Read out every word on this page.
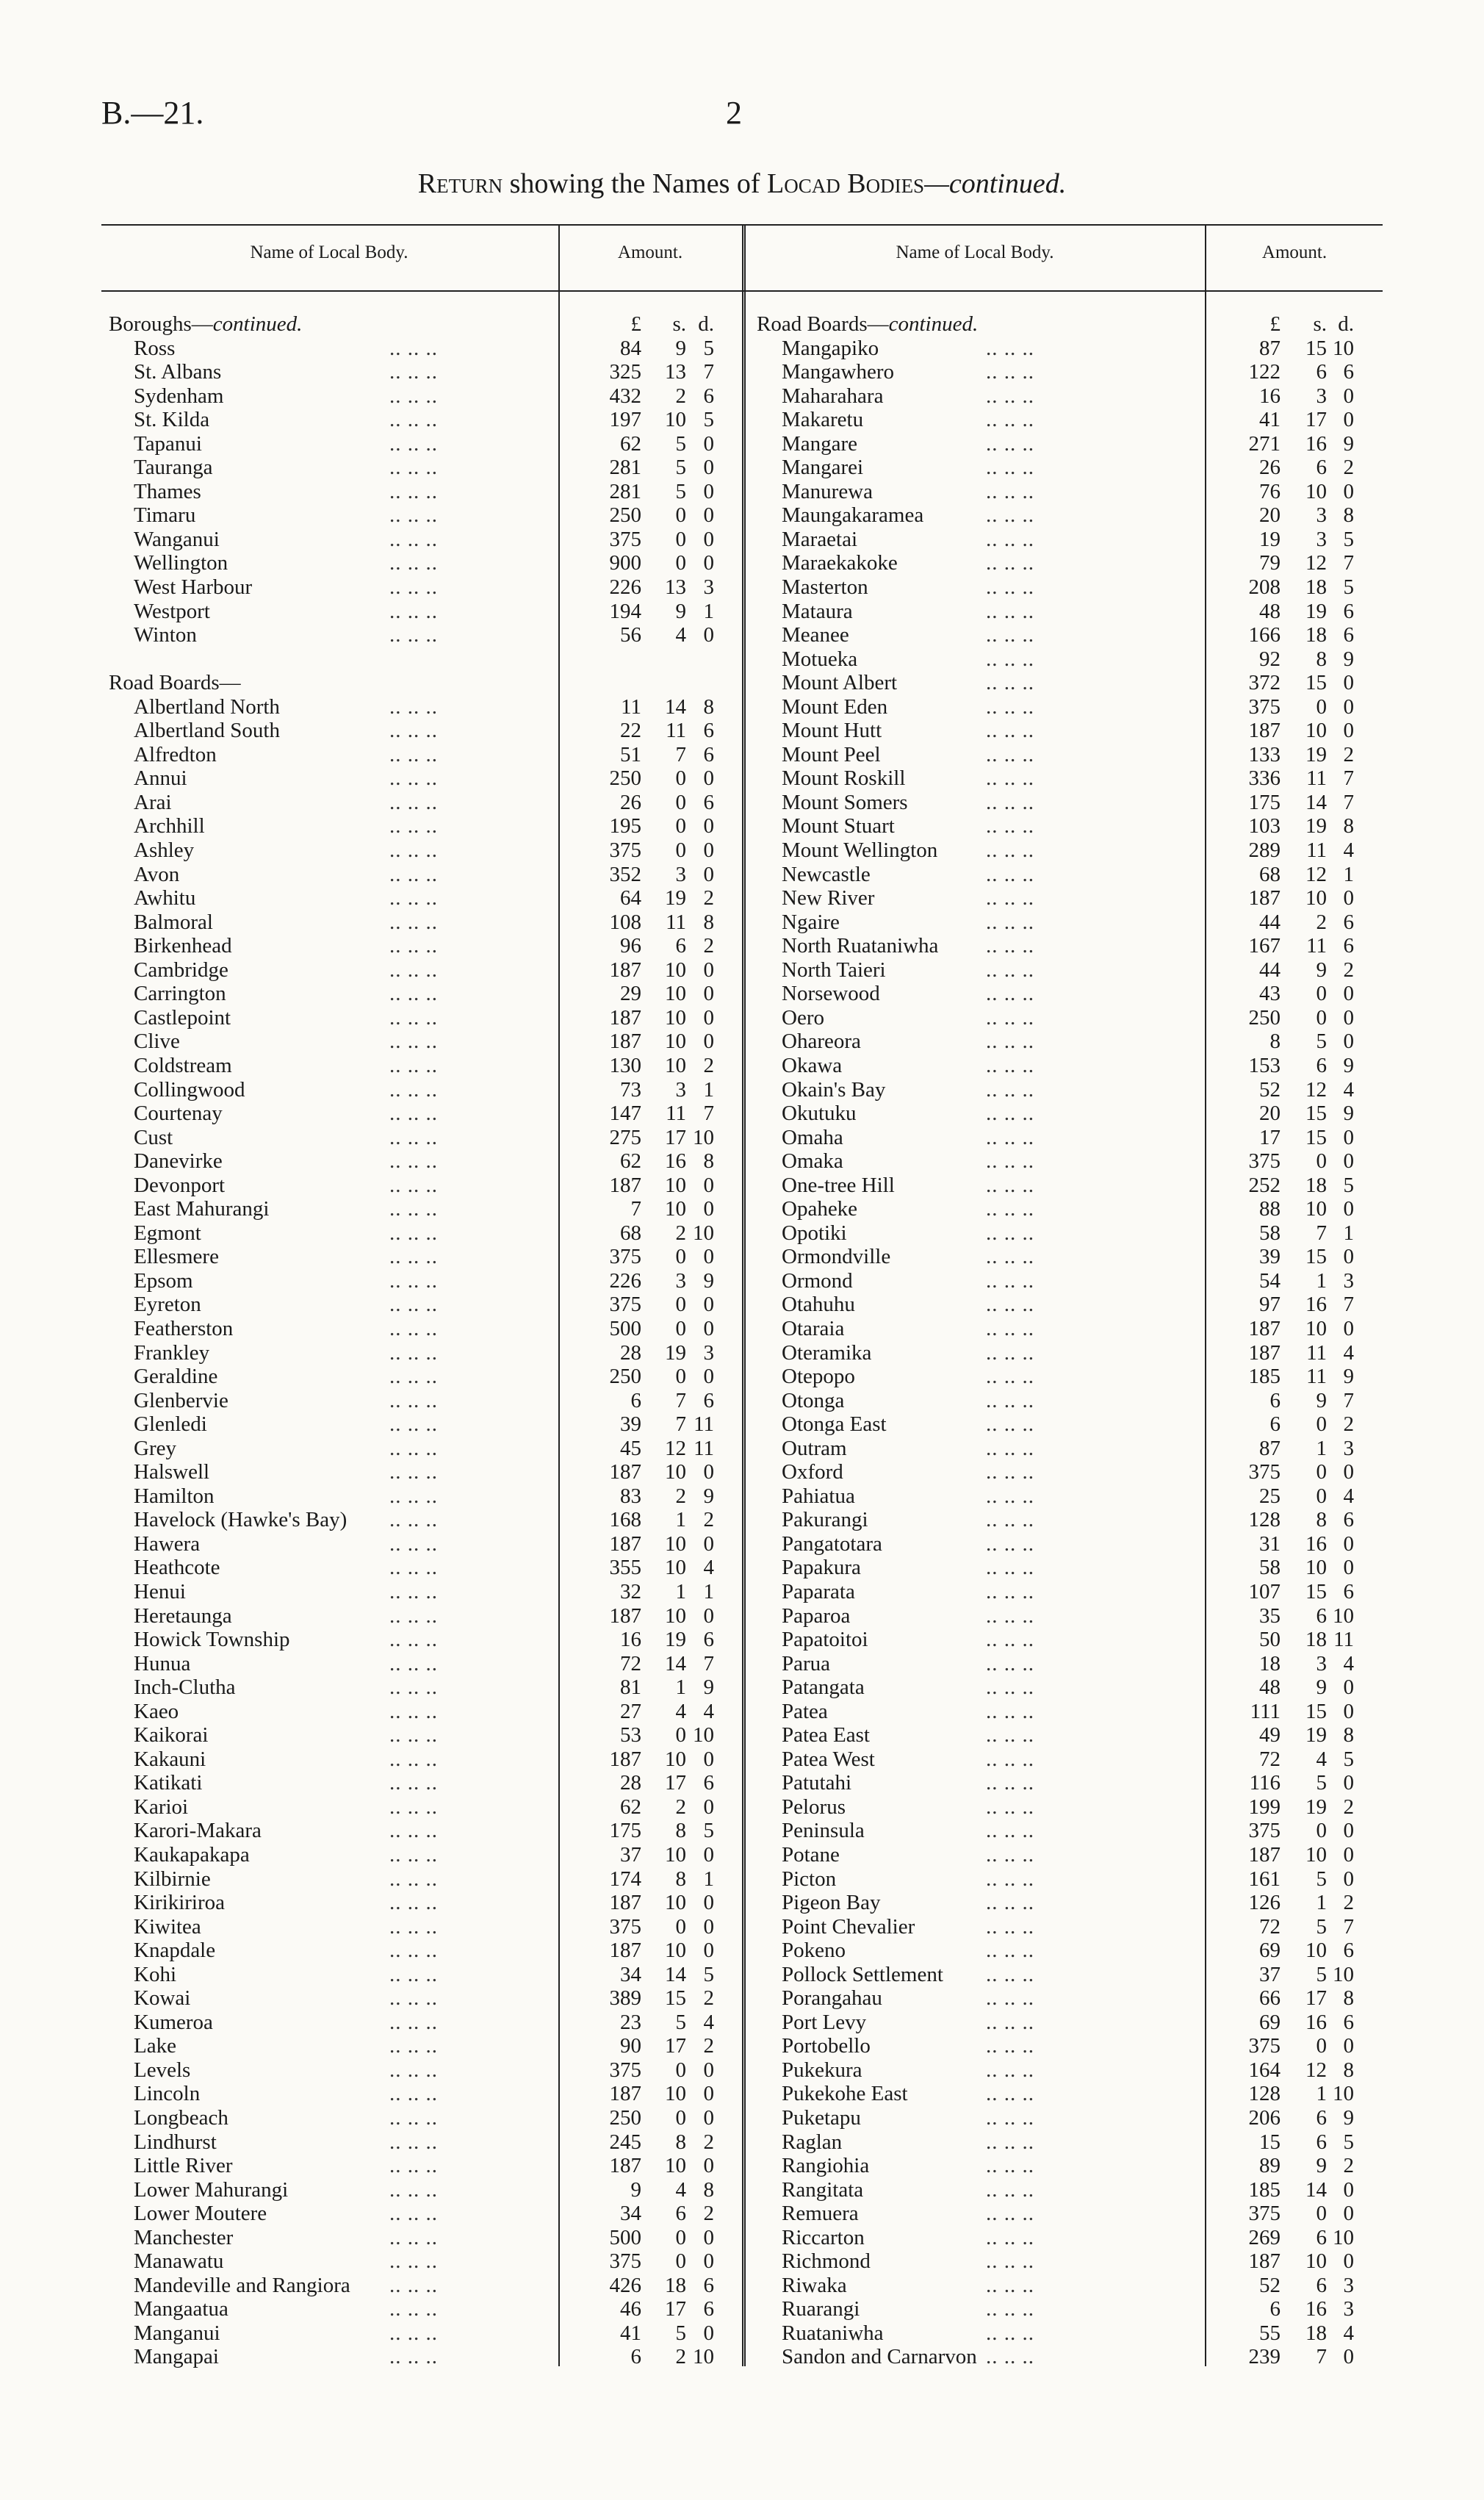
B.—21.	2
Return showing the Names of Locad Bodies—continued.
Name of Local Body.	Amount.	Name of Local Body.	Amount.
Boroughs—continued.	£	s. d.
Ross	.. .. ..	84	9 5
St. Albans	.. .. ..	325	13 7
Sydenham	.. .. ..	432	2 6
St. Kilda	.. .. ..	197	10 5
Tapanui	.. .. ..	62	5 0
Tauranga	.. .. ..	281	5 0
Thames	.. .. ..	281	5 0
Timaru	.. .. ..	250	0 0
Wanganui	.. .. ..	375	0 0
Wellington	.. .. ..	900	0 0
West Harbour	.. .. ..	226	13 3
Westport	.. .. ..	194	9 1
Winton	.. .. ..	56	4 0
Road Boards—
Albertland North	.. .. ..	11	14 8
Albertland South	.. .. ..	22	11 6
Alfredton	.. .. ..	51	7 6
Annui	.. .. ..	250	0 0
Arai	.. .. ..	26	0 6
Archhill	.. .. ..	195	0 0
Ashley	.. .. ..	375	0 0
Avon	.. .. ..	352	3 0
Awhitu	.. .. ..	64	19 2
Balmoral	.. .. ..	108	11 8
Birkenhead	.. .. ..	96	6 2
Cambridge	.. .. ..	187	10 0
Carrington	.. .. ..	29	10 0
Castlepoint	.. .. ..	187	10 0
Clive	.. .. ..	187	10 0
Coldstream	.. .. ..	130	10 2
Collingwood	.. .. ..	73	3 1
Courtenay	.. .. ..	147	11 7
Cust	.. .. ..	275	17 10
Danevirke	.. .. ..	62	16 8
Devonport	.. .. ..	187	10 0
East Mahurangi	.. .. ..	7	10 0
Egmont	.. .. ..	68	2 10
Ellesmere	.. .. ..	375	0 0
Epsom	.. .. ..	226	3 9
Eyreton	.. .. ..	375	0 0
Featherston	.. .. ..	500	0 0
Frankley	.. .. ..	28	19 3
Geraldine	.. .. ..	250	0 0
Glenbervie	.. .. ..	6	7 6
Glenledi	.. .. ..	39	7 11
Grey	.. .. ..	45	12 11
Halswell	.. .. ..	187	10 0
Hamilton	.. .. ..	83	2 9
Havelock (Hawke's Bay) .. .. ..	168	1 2
Hawera	.. .. ..	187	10 0
Heathcote	.. .. ..	355	10 4
Henui	.. .. ..	32	1 1
Heretaunga	.. .. ..	187	10 0
Howick Township	.. .. ..	16	19 6
Hunua	.. .. ..	72	14 7
Inch-Clutha	.. .. ..	81	1 9
Kaeo	.. .. ..	27	4 4
Kaikorai	.. .. ..	53	0 10
Kakauni	.. .. ..	187	10 0
Katikati	.. .. ..	28	17 6
Karioi	.. .. ..	62	2 0
Karori-Makara	.. .. ..	175	8 5
Kaukapakapa	.. .. ..	37	10 0
Kilbirnie	.. .. ..	174	8 1
Kirikiriroa	.. .. ..	187	10 0
Kiwitea	.. .. ..	375	0 0
Knapdale	.. .. ..	187	10 0
Kohi	.. .. ..	34	14 5
Kowai	.. .. ..	389	15 2
Kumeroa	.. .. ..	23	5 4
Lake	.. .. ..	90	17 2
Levels	.. .. ..	375	0 0
Lincoln	.. .. ..	187	10 0
Longbeach	.. .. ..	250	0 0
Lindhurst	.. .. ..	245	8 2
Little River	.. .. ..	187	10 0
Lower Mahurangi	.. .. ..	9	4 8
Lower Moutere	.. .. ..	34	6 2
Manchester	.. .. ..	500	0 0
Manawatu	.. .. ..	375	0 0
Mandeville and Rangiora .. .. ..	426	18 6
Mangaatua	.. .. ..	46	17 6
Manganui	.. .. ..	41	5 0
Mangapai	.. .. ..	6	2 10
Road Boards—continued.	£	s. d.
Mangapiko	.. .. ..	87	15 10
Mangawhero	.. .. ..	122	6 6
Maharahara	.. .. ..	16	3 0
Makaretu	.. .. ..	41	17 0
Mangare	.. .. ..	271	16 9
Mangarei	.. .. ..	26	6 2
Manurewa	.. .. ..	76	10 0
Maungakaramea	.. .. ..	20	3 8
Maraetai	.. .. ..	19	3 5
Maraekakoke	.. .. ..	79	12 7
Masterton	.. .. ..	208	18 5
Mataura	.. .. ..	48	19 6
Meanee	.. .. ..	166	18 6
Motueka	.. .. ..	92	8 9
Mount Albert	.. .. ..	372	15 0
Mount Eden	.. .. ..	375	0 0
Mount Hutt	.. .. ..	187	10 0
Mount Peel	.. .. ..	133	19 2
Mount Roskill	.. .. ..	336	11 7
Mount Somers	.. .. ..	175	14 7
Mount Stuart	.. .. ..	103	19 8
Mount Wellington .. .. ..	289	11 4
Newcastle	.. .. ..	68	12 1
New River	.. .. ..	187	10 0
Ngaire	.. .. ..	44	2 6
North Ruataniwha .. .. ..	167	11 6
North Taieri	.. .. ..	44	9 2
Norsewood	.. .. ..	43	0 0
Oero	.. .. ..	250	0 0
Ohareora	.. .. ..	8	5 0
Okawa	.. .. ..	153	6 9
Okain's Bay	.. .. ..	52	12 4
Okutuku	.. .. ..	20	15 9
Omaha	.. .. ..	17	15 0
Omaka	.. .. ..	375	0 0
One-tree Hill	.. .. ..	252	18 5
Opaheke	.. .. ..	88	10 0
Opotiki	.. .. ..	58	7 1
Ormondville	.. .. ..	39	15 0
Ormond	.. .. ..	54	1 3
Otahuhu	.. .. ..	97	16 7
Otaraia	.. .. ..	187	10 0
Oteramika	.. .. ..	187	11 4
Otepopo	.. .. ..	185	11 9
Otonga	.. .. ..	6	9 7
Otonga East	.. .. ..	6	0 2
Outram	.. .. ..	87	1 3
Oxford	.. .. ..	375	0 0
Pahiatua	.. .. ..	25	0 4
Pakurangi	.. .. ..	128	8 6
Pangatotara	.. .. ..	31	16 0
Papakura	.. .. ..	58	10 0
Paparata	.. .. ..	107	15 6
Paparoa	.. .. ..	35	6 10
Papatoitoi	.. .. ..	50	18 11
Parua	.. .. ..	18	3 4
Patangata	.. .. ..	48	9 0
Patea	.. .. ..	111	15 0
Patea East	.. .. ..	49	19 8
Patea West	.. .. ..	72	4 5
Patutahi	.. .. ..	116	5 0
Pelorus	.. .. ..	199	19 2
Peninsula	.. .. ..	375	0 0
Potane	.. .. ..	187	10 0
Picton	.. .. ..	161	5 0
Pigeon Bay	.. .. ..	126	1 2
Point Chevalier	.. .. ..	72	5 7
Pokeno	.. .. ..	69	10 6
Pollock Settlement .. .. ..	37	5 10
Porangahau	.. .. ..	66	17 8
Port Levy	.. .. ..	69	16 6
Portobello	.. .. ..	375	0 0
Pukekura	.. .. ..	164	12 8
Pukekohe East	.. .. ..	128	1 10
Puketapu	.. .. ..	206	6 9
Raglan	.. .. ..	15	6 5
Rangiohia	.. .. ..	89	9 2
Rangitata	.. .. ..	185	14 0
Remuera	.. .. ..	375	0 0
Riccarton	.. .. ..	269	6 10
Richmond	.. .. ..	187	10 0
Riwaka	.. .. ..	52	6 3
Ruarangi	.. .. ..	6	16 3
Ruataniwha	.. .. ..	55	18 4
Sandon and Carnarvon .. .. ..	239	7 0
